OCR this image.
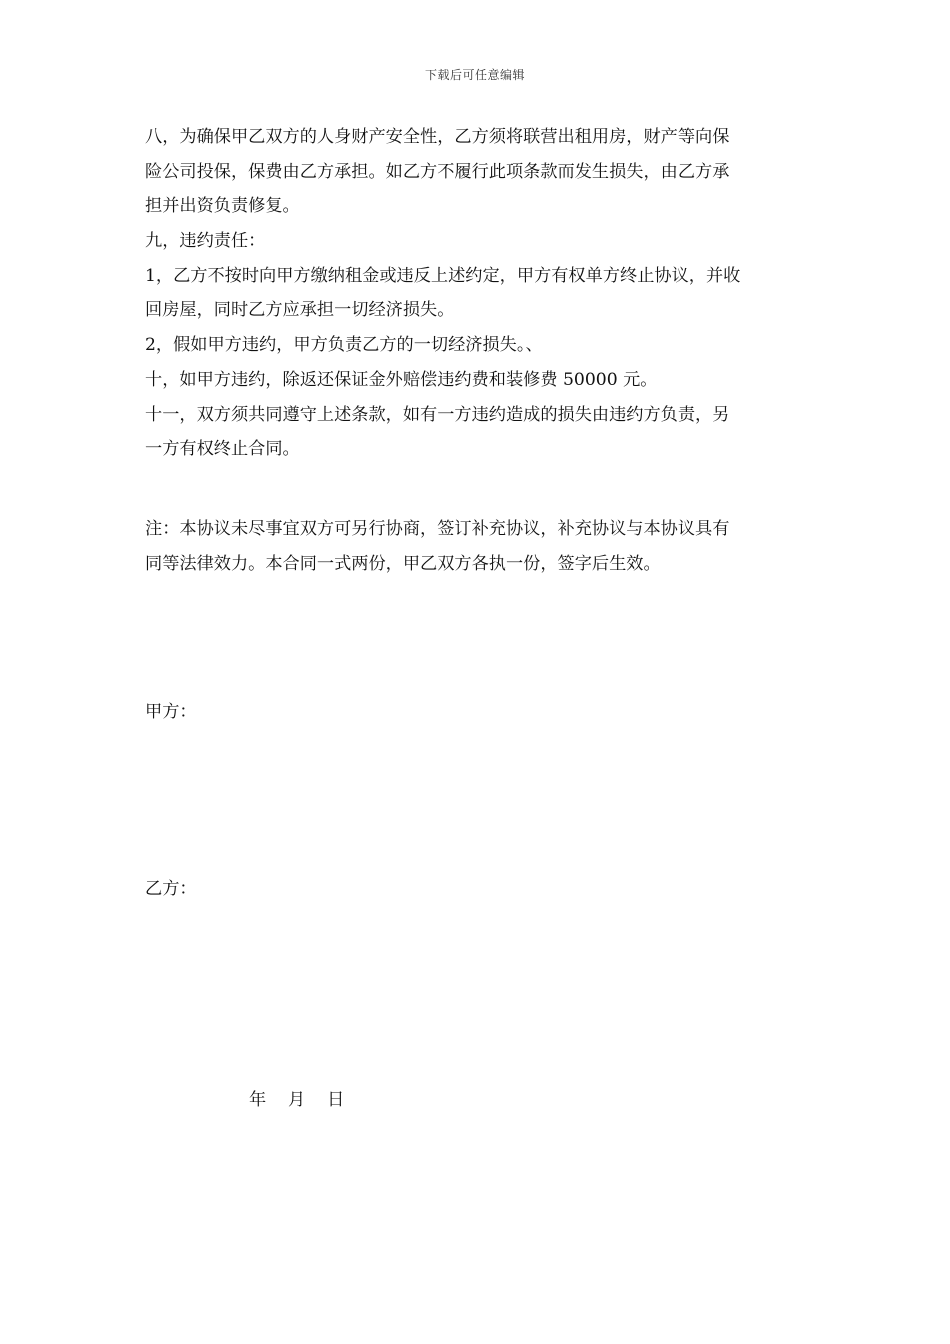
下载后可任意编辑
八，为确保甲乙双方的人身财产安全性，乙方须将联营出租用房，财产等向保
险公司投保，保费由乙方承担。如乙方不履行此项条款而发生损失，由乙方承
担并出资负责修复。
九，违约责任：
1，乙方不按时向甲方缴纳租金或违反上述约定，甲方有权单方终止协议，并收
回房屋，同时乙方应承担一切经济损失。
2，假如甲方违约，甲方负责乙方的一切经济损失。、
十，如甲方违约，除返还保证金外赔偿违约费和装修费 50000 元。
十一，双方须共同遵守上述条款，如有一方违约造成的损失由违约方负责，另
一方有权终止合同。
注：本协议未尽事宜双方可另行协商，签订补充协议，补充协议与本协议具有
同等法律效力。本合同一式两份，甲乙双方各执一份，签字后生效。
甲方：
乙方：
年    月    日
